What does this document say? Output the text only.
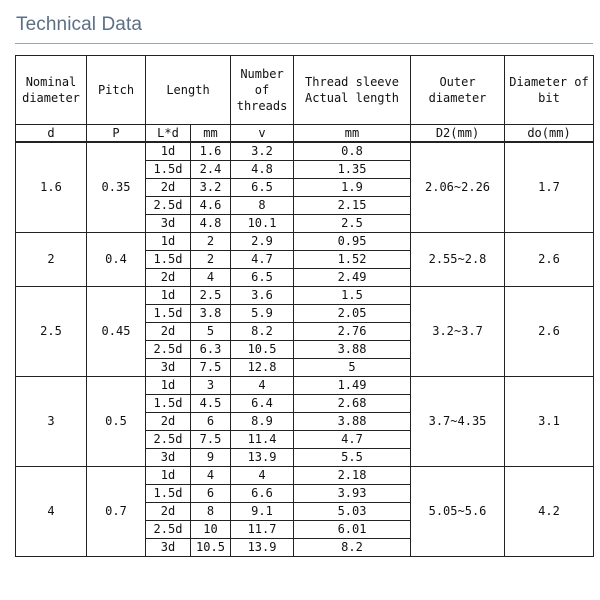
Technical Data
Nominal diameter	Pitch	Length		Number of threads	Thread sleeve Actual length	Outer diameter	Diameter of bit
d	P	L*d	mm	v	mm	D2(mm)	do(mm)
1.6	0.35	1d	1.6	3.2	0.8	2.06~2.26	1.7
		1.5d	2.4	4.8	1.35		
		2d	3.2	6.5	1.9		
		2.5d	4.6	8	2.15		
		3d	4.8	10.1	2.5		
2	0.4	1d	2	2.9	0.95	2.55~2.8	2.6
		1.5d	2	4.7	1.52		
		2d	4	6.5	2.49		
2.5	0.45	1d	2.5	3.6	1.5	3.2~3.7	2.6
		1.5d	3.8	5.9	2.05		
		2d	5	8.2	2.76		
		2.5d	6.3	10.5	3.88		
		3d	7.5	12.8	5		
3	0.5	1d	3	4	1.49	3.7~4.35	3.1
		1.5d	4.5	6.4	2.68		
		2d	6	8.9	3.88		
		2.5d	7.5	11.4	4.7		
		3d	9	13.9	5.5		
4	0.7	1d	4	4	2.18	5.05~5.6	4.2
		1.5d	6	6.6	3.93		
		2d	8	9.1	5.03		
		2.5d	10	11.7	6.01		
		3d	10.5	13.9	8.2		
